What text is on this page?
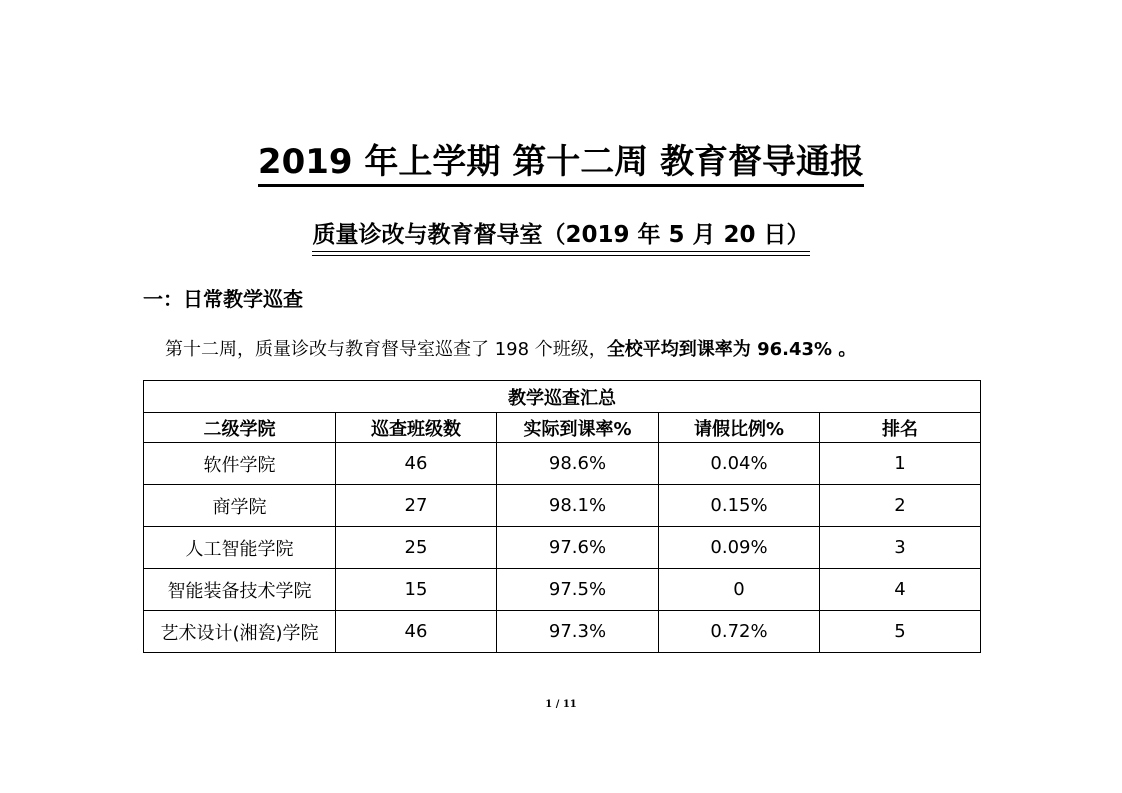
2019 年上学期 第十二周 教育督导通报
质量诊改与教育督导室（2019 年 5 月 20 日）
一：日常教学巡查
第十二周，质量诊改与教育督导室巡查了 198 个班级，全校平均到课率为 96.43% 。
教学巡查汇总				
二级学院	巡查班级数	实际到课率%	请假比例%	排名
软件学院	46	98.6%	0.04%	1
商学院	27	98.1%	0.15%	2
人工智能学院	25	97.6%	0.09%	3
智能装备技术学院	15	97.5%	0	4
艺术设计(湘瓷)学院	46	97.3%	0.72%	5
1 / 11
